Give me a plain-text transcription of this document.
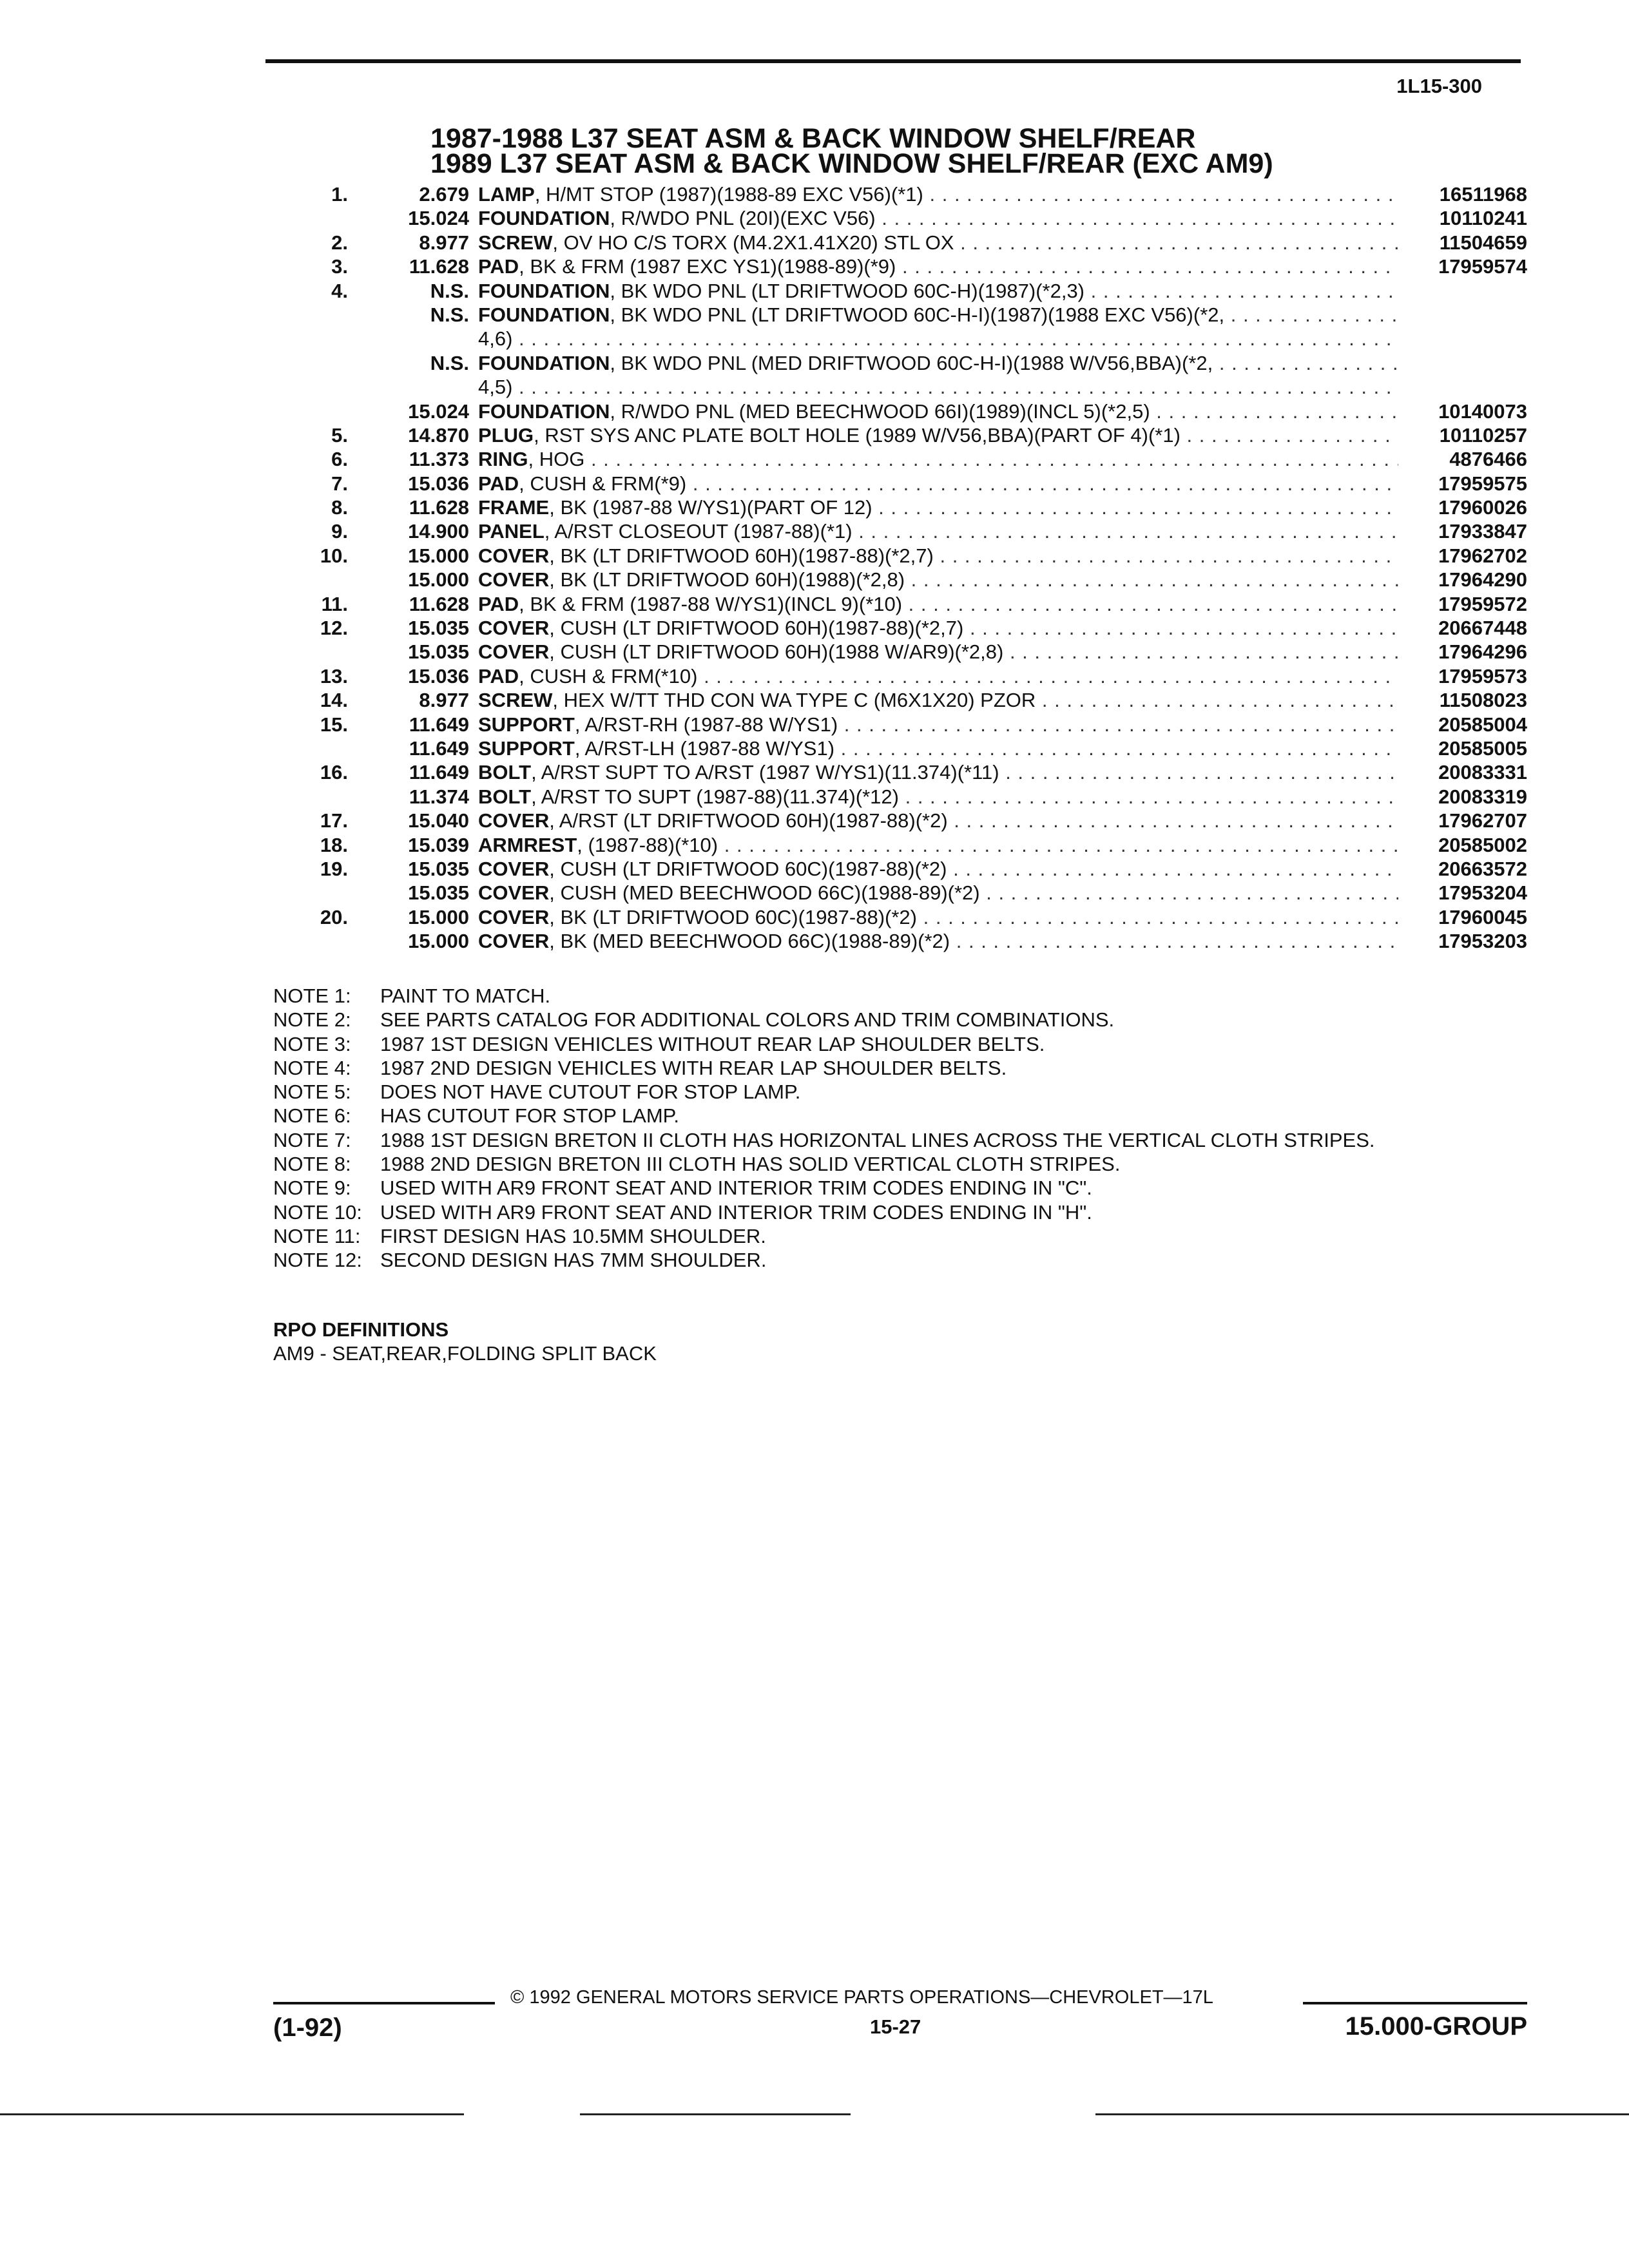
1L15-300
1987-1988 L37 SEAT ASM & BACK WINDOW SHELF/REAR
1989 L37 SEAT ASM & BACK WINDOW SHELF/REAR (EXC AM9)
1.	2.679 LAMP, H/MT STOP (1987)(1988-89 EXC V56)(*1) . . .	16511968
15.024 FOUNDATION, R/WDO PNL (20I)(EXC V56) . . .	10110241
2.	8.977 SCREW, OV HO C/S TORX (M4.2X1.41X20) STL OX . . .	11504659
3.	11.628 PAD, BK & FRM (1987 EXC YS1)(1988-89)(*9) . . .	17959574
4.	N.S. FOUNDATION, BK WDO PNL (LT DRIFTWOOD 60C-H)(1987)(*2,3) . . .
N.S. FOUNDATION, BK WDO PNL (LT DRIFTWOOD 60C-H-I)(1987)(1988 EXC V56)(*2, . . .
4,6) . . .
N.S. FOUNDATION, BK WDO PNL (MED DRIFTWOOD 60C-H-I)(1988 W/V56,BBA)(*2, . . .
4,5) . . .
15.024 FOUNDATION, R/WDO PNL (MED BEECHWOOD 66I)(1989)(INCL 5)(*2,5) . . .	10140073
5.	14.870 PLUG, RST SYS ANC PLATE BOLT HOLE (1989 W/V56,BBA)(PART OF 4)(*1) . . .	10110257
6.	11.373 RING, HOG . . .	4876466
7.	15.036 PAD, CUSH & FRM(*9) . . .	17959575
8.	11.628 FRAME, BK (1987-88 W/YS1)(PART OF 12) . . .	17960026
9.	14.900 PANEL, A/RST CLOSEOUT (1987-88)(*1) . . .	17933847
10.	15.000 COVER, BK (LT DRIFTWOOD 60H)(1987-88)(*2,7) . . .	17962702
15.000 COVER, BK (LT DRIFTWOOD 60H)(1988)(*2,8) . . .	17964290
11.	11.628 PAD, BK & FRM (1987-88 W/YS1)(INCL 9)(*10) . . .	17959572
12.	15.035 COVER, CUSH (LT DRIFTWOOD 60H)(1987-88)(*2,7) . . .	20667448
15.035 COVER, CUSH (LT DRIFTWOOD 60H)(1988 W/AR9)(*2,8) . . .	17964296
13.	15.036 PAD, CUSH & FRM(*10) . . .	17959573
14.	8.977 SCREW, HEX W/TT THD CON WA TYPE C (M6X1X20) PZOR . . .	11508023
15.	11.649 SUPPORT, A/RST-RH (1987-88 W/YS1) . . .	20585004
11.649 SUPPORT, A/RST-LH (1987-88 W/YS1) . . .	20585005
16.	11.649 BOLT, A/RST SUPT TO A/RST (1987 W/YS1)(11.374)(*11) . . .	20083331
11.374 BOLT, A/RST TO SUPT (1987-88)(11.374)(*12) . . .	20083319
17.	15.040 COVER, A/RST (LT DRIFTWOOD 60H)(1987-88)(*2) . . .	17962707
18.	15.039 ARMREST, (1987-88)(*10) . . .	20585002
19.	15.035 COVER, CUSH (LT DRIFTWOOD 60C)(1987-88)(*2) . . .	20663572
15.035 COVER, CUSH (MED BEECHWOOD 66C)(1988-89)(*2) . . .	17953204
20.	15.000 COVER, BK (LT DRIFTWOOD 60C)(1987-88)(*2) . . .	17960045
15.000 COVER, BK (MED BEECHWOOD 66C)(1988-89)(*2) . . .	17953203
NOTE 1:	PAINT TO MATCH.
NOTE 2:	SEE PARTS CATALOG FOR ADDITIONAL COLORS AND TRIM COMBINATIONS.
NOTE 3:	1987 1ST DESIGN VEHICLES WITHOUT REAR LAP SHOULDER BELTS.
NOTE 4:	1987 2ND DESIGN VEHICLES WITH REAR LAP SHOULDER BELTS.
NOTE 5:	DOES NOT HAVE CUTOUT FOR STOP LAMP.
NOTE 6:	HAS CUTOUT FOR STOP LAMP.
NOTE 7:	1988 1ST DESIGN BRETON II CLOTH HAS HORIZONTAL LINES ACROSS THE VERTICAL CLOTH STRIPES.
NOTE 8:	1988 2ND DESIGN BRETON III CLOTH HAS SOLID VERTICAL CLOTH STRIPES.
NOTE 9:	USED WITH AR9 FRONT SEAT AND INTERIOR TRIM CODES ENDING IN "C".
NOTE 10: USED WITH AR9 FRONT SEAT AND INTERIOR TRIM CODES ENDING IN "H".
NOTE 11: FIRST DESIGN HAS 10.5MM SHOULDER.
NOTE 12: SECOND DESIGN HAS 7MM SHOULDER.
RPO DEFINITIONS
AM9 - SEAT,REAR,FOLDING SPLIT BACK
© 1992 GENERAL MOTORS SERVICE PARTS OPERATIONS—CHEVROLET—17L
(1-92)	15-27	15.000-GROUP
